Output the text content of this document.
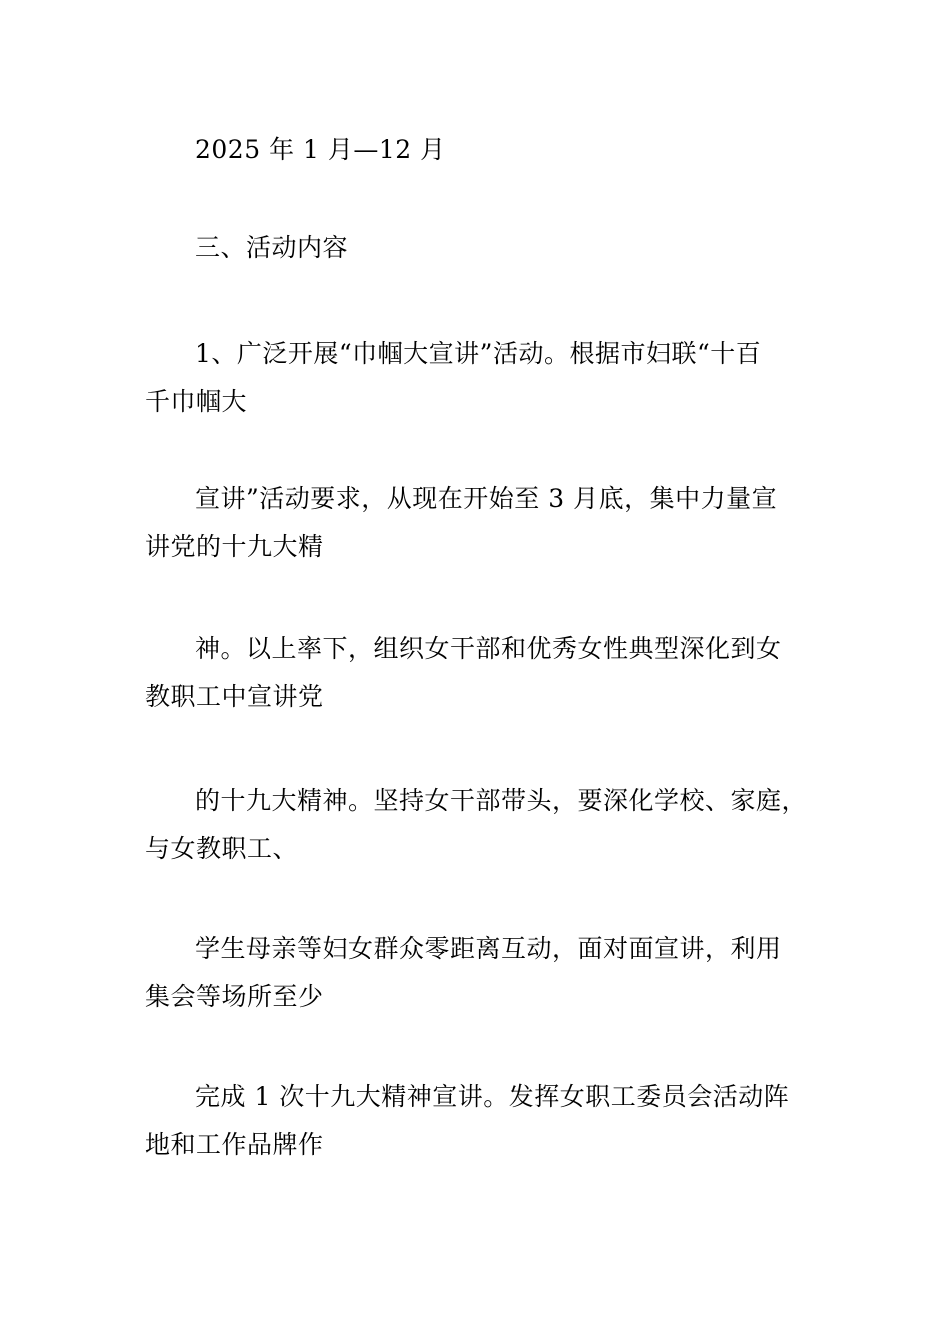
2025 年 1 月—12 月
三、活动内容
1、广泛开展“巾帼大宣讲”活动。根据市妇联“十百
千巾帼大
宣讲”活动要求，从现在开始至 3 月底，集中力量宣
讲党的十九大精
神。以上率下，组织女干部和优秀女性典型深化到女
教职工中宣讲党
的十九大精神。坚持女干部带头，要深化学校、家庭，
与女教职工、
学生母亲等妇女群众零距离互动，面对面宣讲，利用
集会等场所至少
完成 1 次十九大精神宣讲。发挥女职工委员会活动阵
地和工作品牌作
